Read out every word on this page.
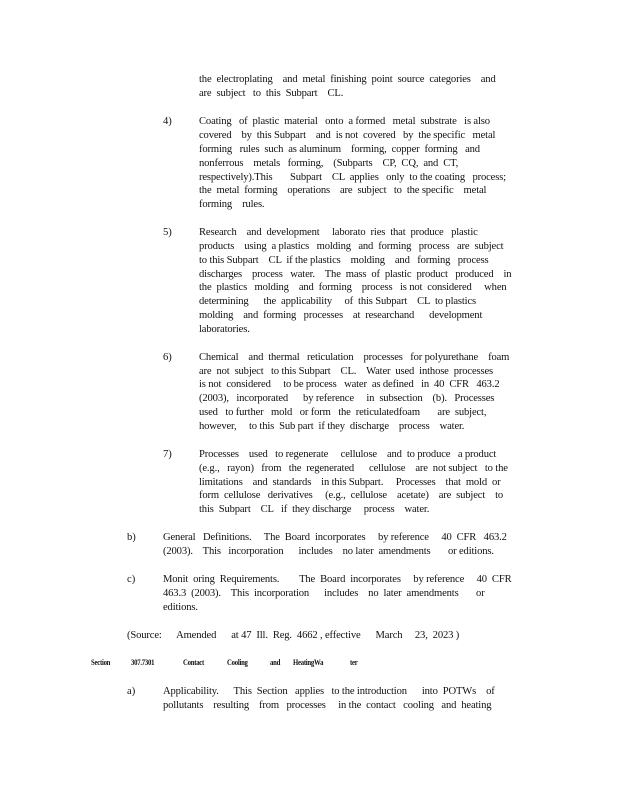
the  electroplating    and  metal  finishing  point  source  categories    and
are  subject   to  this  Subpart    CL.
4)	Coating   of  plastic  material   onto  a formed   metal  substrate   is also
covered    by  this Subpart    and  is not  covered   by  the specific   metal
forming   rules  such  as aluminum    forming,  copper  forming   and
nonferrous    metals   forming,    (Subparts    CP,  CQ,  and  CT,
respectively).This       Subpart    CL  applies   only  to the coating   process;
the  metal  forming    operations    are  subject   to  the specific    metal
forming    rules.
5)	Research    and  development     laborato  ries  that  produce   plastic
products    using  a plastics   molding   and  forming   process   are  subject
to this Subpart    CL  if the plastics    molding    and   forming   process
discharges    process   water.    The  mass  of  plastic  product   produced    in
the  plastics   molding    and  forming    process   is not  considered     when
determining      the  applicability     of  this Subpart    CL  to plastics
molding    and  forming   processes    at  researchand      development
laboratories.
6)	Chemical    and  thermal   reticulation    processes   for polyurethane    foam
are  not  subject   to this Subpart    CL.    Water  used  inthose  processes
is not  considered     to be process   water  as defined   in  40  CFR   463.2
(2003),   incorporated      by reference     in  subsection    (b).   Processes
used   to further   mold   or form   the  reticulatedfoam       are  subject,
however,     to this  Sub part  if they  discharge    process    water.
7)	Processes    used   to regenerate     cellulose    and  to produce   a product
(e.g.,   rayon)   from   the  regenerated      cellulose    are  not subject   to the
limitations    and  standards    in this Subpart.     Processes    that  mold  or
form  cellulose   derivatives     (e.g.,  cellulose    acetate)    are  subject    to
this  Subpart    CL   if  they discharge     process    water.
b)	General   Definitions.     The  Board  incorporates     by reference     40  CFR   463.2
(2003).    This   incorporation      includes    no later  amendments       or editions.
c)	Monit  oring  Requirements.        The  Board  incorporates     by reference     40  CFR
463.3  (2003).    This  incorporation      includes    no  later  amendments       or
editions.
(Source:      Amended      at 47  Ill.  Reg.  4662 , effective      March     23,  2023 )
Section	307.7301	Contact	Cooling	and HeatingWa	ter
a)	Applicability.      This  Section   applies   to the introduction      into  POTWs    of
pollutants    resulting    from   processes     in the  contact   cooling   and  heating
